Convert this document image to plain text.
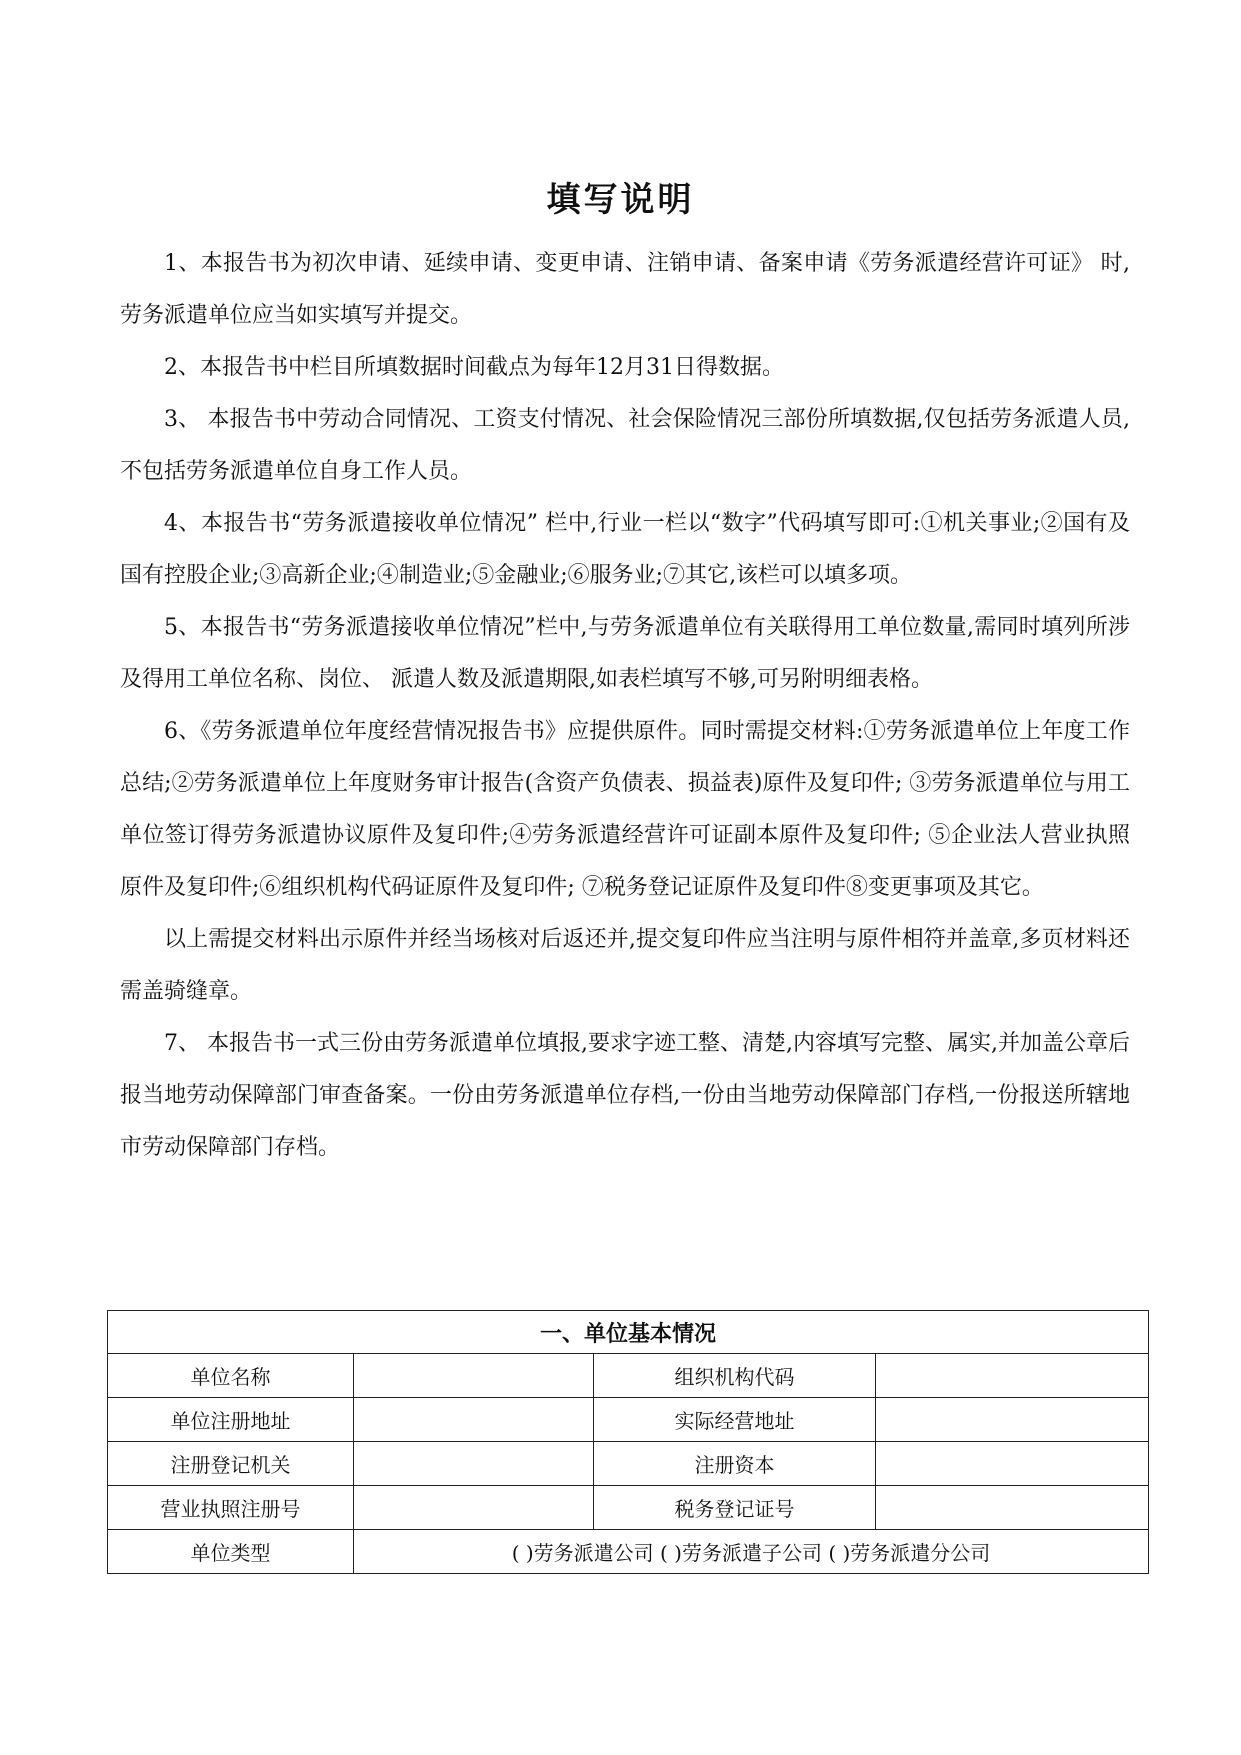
填写说明

1、本报告书为初次申请、延续申请、变更申请、注销申请、备案申请《劳务派遣经营许可证》 时,劳务派遣单位应当如实填写并提交。

2、本报告书中栏目所填数据时间截点为每年12月31日得数据。

3、 本报告书中劳动合同情况、工资支付情况、社会保险情况三部份所填数据,仅包括劳务派遣人员,不包括劳务派遣单位自身工作人员。

4、本报告书“劳务派遣接收单位情况” 栏中,行业一栏以“数字”代码填写即可:①机关事业;②国有及国有控股企业;③高新企业;④制造业;⑤金融业;⑥服务业;⑦其它,该栏可以填多项。

5、本报告书“劳务派遣接收单位情况”栏中,与劳务派遣单位有关联得用工单位数量,需同时填列所涉及得用工单位名称、岗位、 派遣人数及派遣期限,如表栏填写不够,可另附明细表格。

6、《劳务派遣单位年度经营情况报告书》应提供原件。同时需提交材料:①劳务派遣单位上年度工作总结;②劳务派遣单位上年度财务审计报告(含资产负债表、损益表)原件及复印件; ③劳务派遣单位与用工单位签订得劳务派遣协议原件及复印件;④劳务派遣经营许可证副本原件及复印件; ⑤企业法人营业执照原件及复印件;⑥组织机构代码证原件及复印件; ⑦税务登记证原件及复印件⑧变更事项及其它。

以上需提交材料出示原件并经当场核对后返还并,提交复印件应当注明与原件相符并盖章,多页材料还需盖骑缝章。

7、 本报告书一式三份由劳务派遣单位填报,要求字迹工整、清楚,内容填写完整、属实,并加盖公章后报当地劳动保障部门审查备案。一份由劳务派遣单位存档,一份由当地劳动保障部门存档,一份报送所辖地市劳动保障部门存档。

一、单位基本情况			
单位名称		组织机构代码	
单位注册地址		实际经营地址	
注册登记机关		注册资本	
营业执照注册号		税务登记证号	
单位类型	( )劳务派遣公司 ( )劳务派遣子公司 ( )劳务派遣分公司		
